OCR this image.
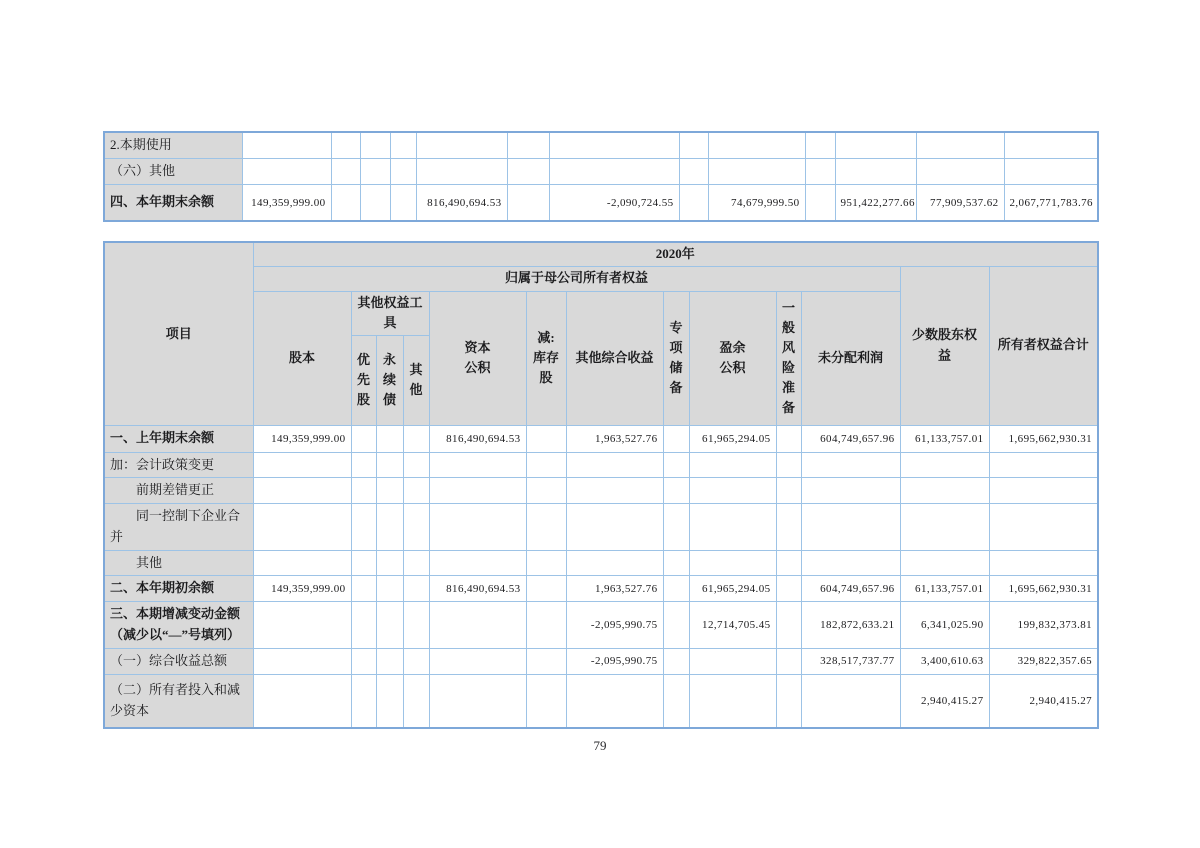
2.本期使用													
（六）其他													
四、本年期末余额	149,359,999.00				816,490,694.53		-2,090,724.55		74,679,999.50		951,422,277.66	77,909,537.62	2,067,771,783.76
项目	2020年												
	归属于母公司所有者权益											少数股东权益	所有者权益合计
	股本	其他权益工具			资本公积	减:库存股	其他综合收益	专项储备	盈余公积	一般风险准备	未分配利润		

		优先股	永续债	其他									

一、上年期末余额	149,359,999.00				816,490,694.53		1,963,527.76		61,965,294.05		604,749,657.96	61,133,757.01	1,695,662,930.31
加：会计政策变更													
前期差错更正													
同一控制下企业合并													
其他													
二、本年期初余额	149,359,999.00				816,490,694.53		1,963,527.76		61,965,294.05		604,749,657.96	61,133,757.01	1,695,662,930.31
三、本期增减变动金额（减少以“—”号填列）							-2,095,990.75		12,714,705.45		182,872,633.21	6,341,025.90	199,832,373.81
（一）综合收益总额							-2,095,990.75				328,517,737.77	3,400,610.63	329,822,357.65
（二）所有者投入和减少资本												2,940,415.27	2,940,415.27
79
